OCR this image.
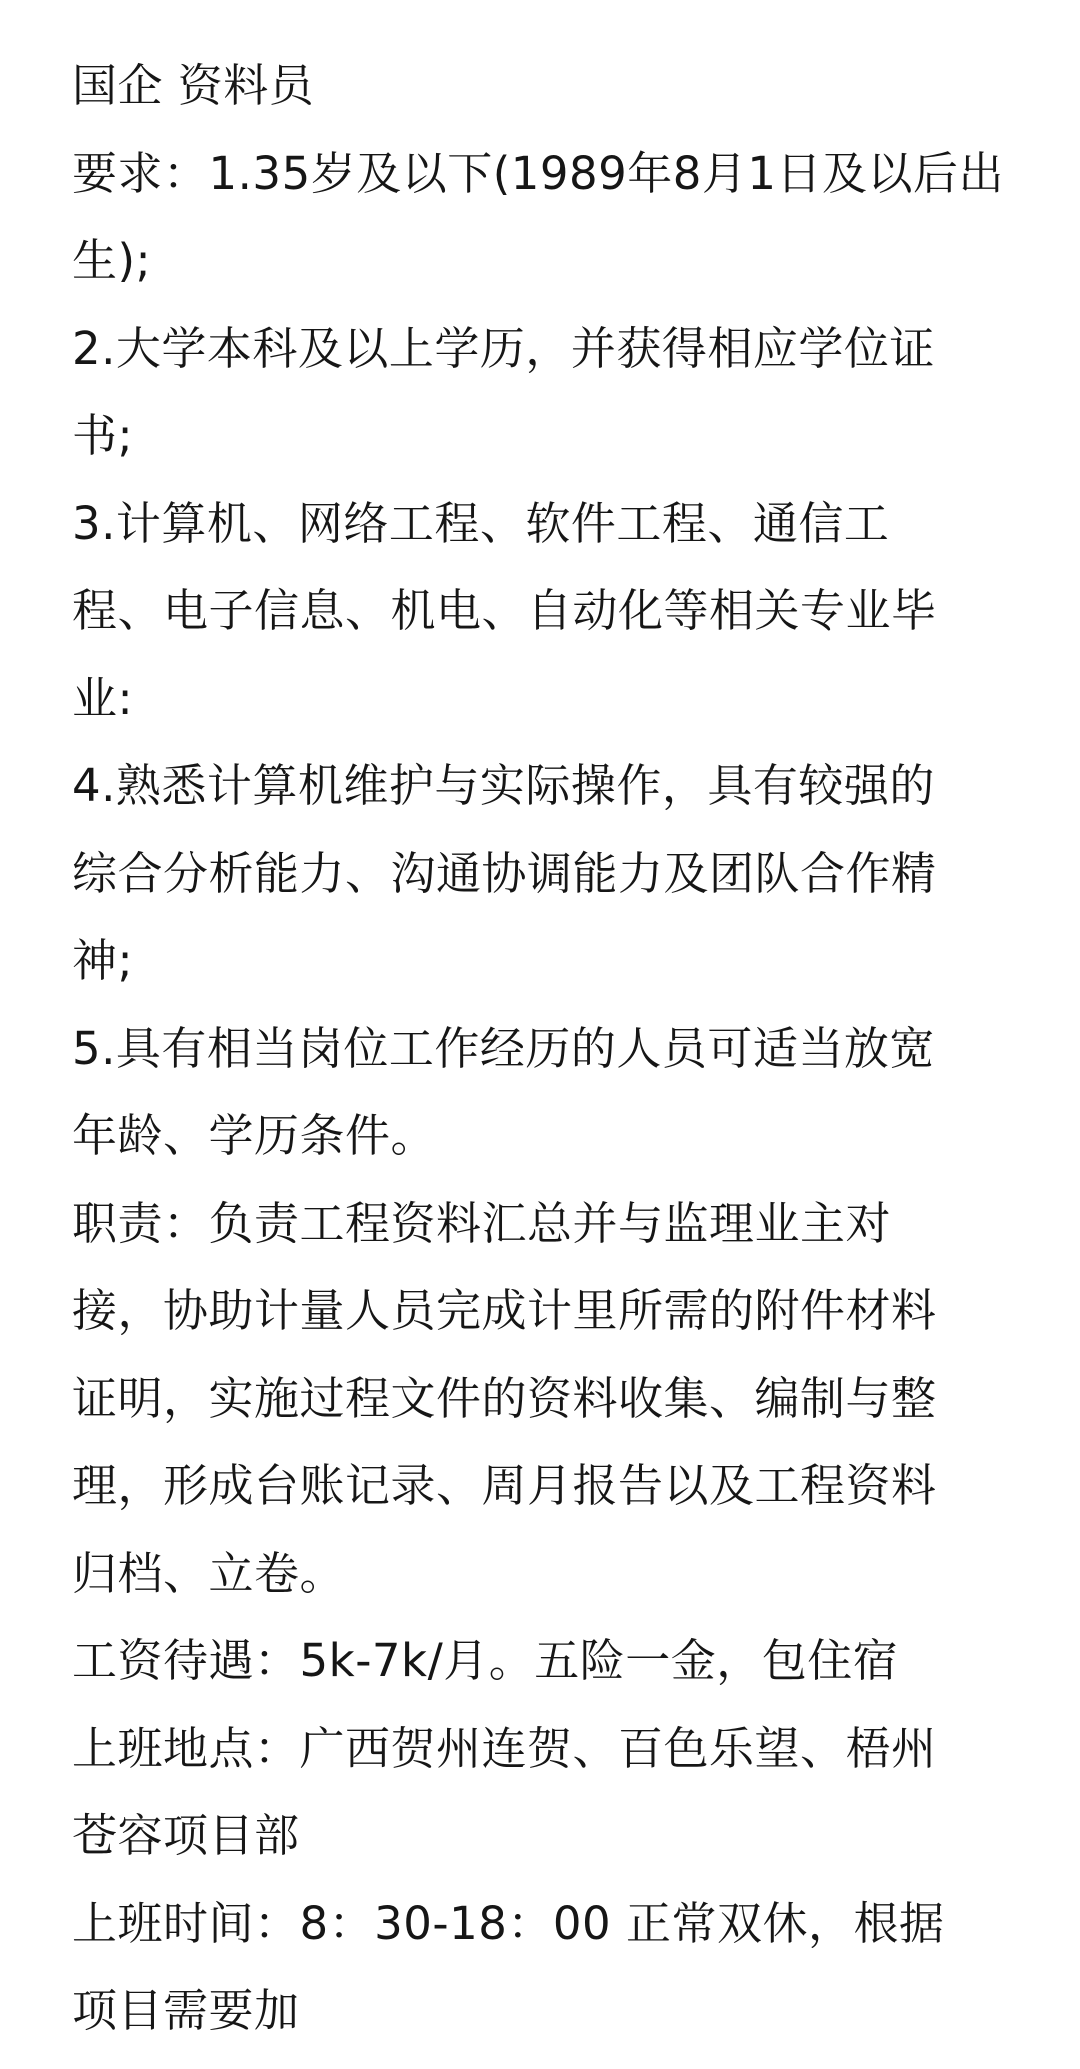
国企 资料员
要求：1.35岁及以下(1989年8月1日及以后出
生);
2.大学本科及以上学历，并获得相应学位证
书;
3.计算机、网络工程、软件工程、通信工
程、电子信息、机电、自动化等相关专业毕
业:
4.熟悉计算机维护与实际操作，具有较强的
综合分析能力、沟通协调能力及团队合作精
神;
5.具有相当岗位工作经历的人员可适当放宽
年龄、学历条件。
职责：负责工程资料汇总并与监理业主对
接，协助计量人员完成计里所需的附件材料
证明，实施过程文件的资料收集、编制与整
理，形成台账记录、周月报告以及工程资料
归档、立卷。
工资待遇：5k-7k/月。五险一金，包住宿
上班地点：广西贺州连贺、百色乐望、梧州
苍容项目部
上班时间：8：30-18：00 正常双休，根据
项目需要加
